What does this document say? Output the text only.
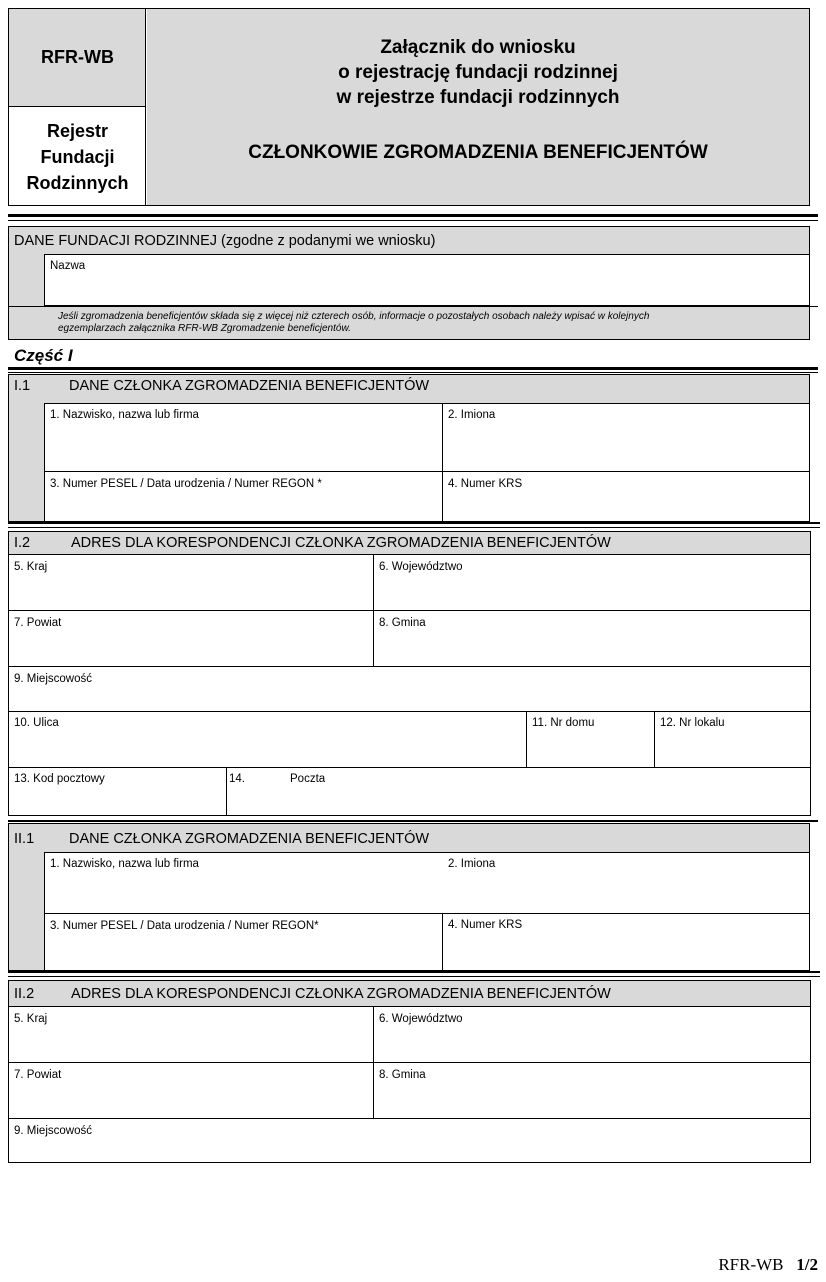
RFR-WB
Rejestr
Fundacji
Rodzinnych
Załącznik do wniosku
o rejestrację fundacji rodzinnej
w rejestrze fundacji rodzinnych
CZŁONKOWIE ZGROMADZENIA BENEFICJENTÓW
DANE FUNDACJI RODZINNEJ (zgodne z podanymi we wniosku)
Nazwa
Jeśli zgromadzenia beneficjentów składa się z więcej niż czterech osób, informacje o pozostałych osobach należy wpisać w kolejnych
egzemplarzach załącznika RFR-WB Zgromadzenie beneficjentów.
Część I
I.1	DANE CZŁONKA ZGROMADZENIA BENEFICJENTÓW
1. Nazwisko, nazwa lub firma	2. Imiona
3. Numer PESEL / Data urodzenia / Numer REGON *	4. Numer KRS
I.2	ADRES DLA KORESPONDENCJI CZŁONKA ZGROMADZENIA BENEFICJENTÓW
5. Kraj	6. Województwo
7. Powiat	8. Gmina
9. Miejscowość
10. Ulica	11. Nr domu	12. Nr lokalu
13. Kod pocztowy	14.	Poczta
II.1 DANE CZŁONKA ZGROMADZENIA BENEFICJENTÓW
1. Nazwisko, nazwa lub firma	2. Imiona
3. Numer PESEL / Data urodzenia / Numer REGON*	4. Numer KRS
II.2	ADRES DLA KORESPONDENCJI CZŁONKA ZGROMADZENIA BENEFICJENTÓW
5. Kraj	6. Województwo
7. Powiat	8. Gmina
9. Miejscowość
RFR-WB 1/2
